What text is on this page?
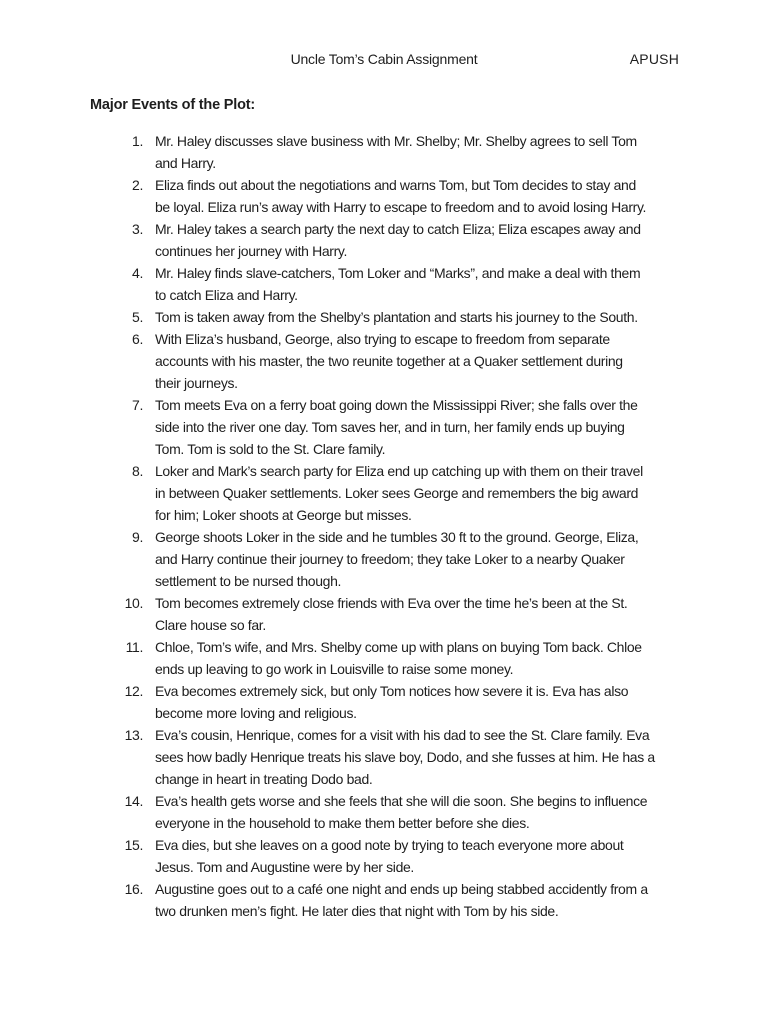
Uncle Tom’s Cabin Assignment	APUSH
Major Events of the Plot:
1. Mr. Haley discusses slave business with Mr. Shelby; Mr. Shelby agrees to sell Tom
and Harry.
2. Eliza finds out about the negotiations and warns Tom, but Tom decides to stay and
be loyal. Eliza run’s away with Harry to escape to freedom and to avoid losing Harry.
3. Mr. Haley takes a search party the next day to catch Eliza; Eliza escapes away and
continues her journey with Harry.
4. Mr. Haley finds slave-catchers, Tom Loker and “Marks”, and make a deal with them
to catch Eliza and Harry.
5. Tom is taken away from the Shelby’s plantation and starts his journey to the South.
6. With Eliza’s husband, George, also trying to escape to freedom from separate
accounts with his master, the two reunite together at a Quaker settlement during
their journeys.
7. Tom meets Eva on a ferry boat going down the Mississippi River; she falls over the
side into the river one day. Tom saves her, and in turn, her family ends up buying
Tom. Tom is sold to the St. Clare family.
8. Loker and Mark’s search party for Eliza end up catching up with them on their travel
in between Quaker settlements. Loker sees George and remembers the big award
for him; Loker shoots at George but misses.
9. George shoots Loker in the side and he tumbles 30 ft to the ground. George, Eliza,
and Harry continue their journey to freedom; they take Loker to a nearby Quaker
settlement to be nursed though.
10. Tom becomes extremely close friends with Eva over the time he’s been at the St.
Clare house so far.
11. Chloe, Tom’s wife, and Mrs. Shelby come up with plans on buying Tom back. Chloe
ends up leaving to go work in Louisville to raise some money.
12. Eva becomes extremely sick, but only Tom notices how severe it is. Eva has also
become more loving and religious.
13. Eva’s cousin, Henrique, comes for a visit with his dad to see the St. Clare family. Eva
sees how badly Henrique treats his slave boy, Dodo, and she fusses at him. He has a
change in heart in treating Dodo bad.
14. Eva’s health gets worse and she feels that she will die soon. She begins to influence
everyone in the household to make them better before she dies.
15. Eva dies, but she leaves on a good note by trying to teach everyone more about
Jesus. Tom and Augustine were by her side.
16. Augustine goes out to a café one night and ends up being stabbed accidently from a
two drunken men’s fight. He later dies that night with Tom by his side.
